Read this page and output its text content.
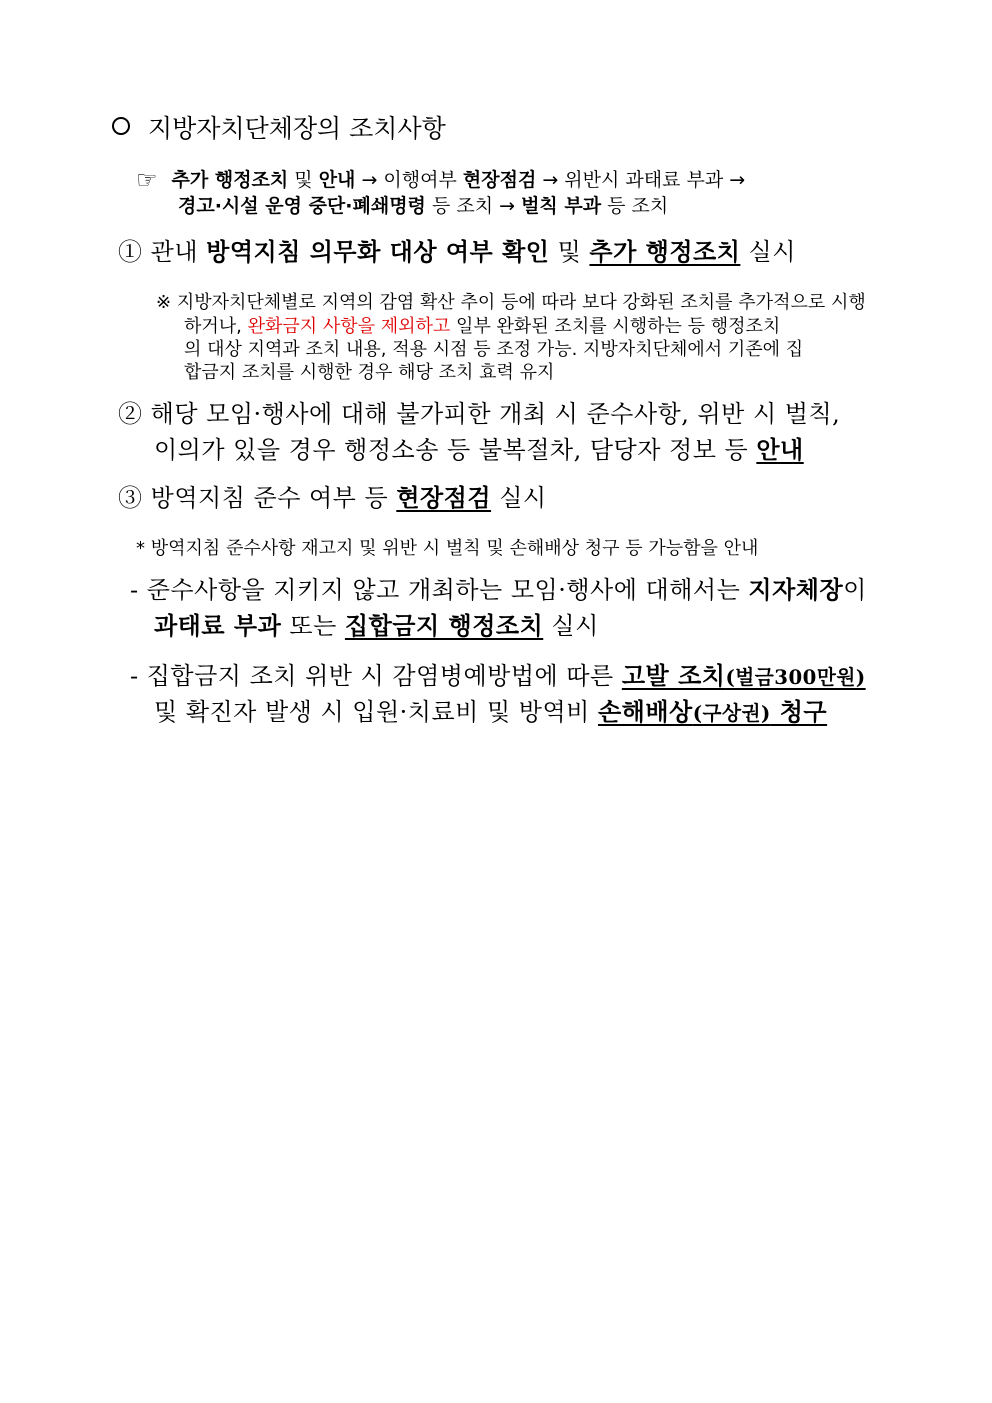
지방자치단체장의 조치사항
☞ 추가 행정조치 및 안내 → 이행여부 현장점검 → 위반시 과태료 부과 →
경고·시설 운영 중단·폐쇄명령 등 조치 → 벌칙 부과 등 조치
① 관내 방역지침 의무화 대상 여부 확인 및 추가 행정조치 실시
※ 지방자치단체별로 지역의 감염 확산 추이 등에 따라 보다 강화된 조치를 추가적으로 시행
하거나, 완화금지 사항을 제외하고 일부 완화된 조치를 시행하는 등 행정조치
의 대상 지역과 조치 내용, 적용 시점 등 조정 가능. 지방자치단체에서 기존에 집
합금지 조치를 시행한 경우 해당 조치 효력 유지
② 해당 모임·행사에 대해 불가피한 개최 시 준수사항, 위반 시 벌칙,
이의가 있을 경우 행정소송 등 불복절차, 담당자 정보 등 안내
③ 방역지침 준수 여부 등 현장점검 실시
* 방역지침 준수사항 재고지 및 위반 시 벌칙 및 손해배상 청구 등 가능함을 안내
- 준수사항을 지키지 않고 개최하는 모임·행사에 대해서는 지자체장이
과태료 부과 또는 집합금지 행정조치 실시
- 집합금지 조치 위반 시 감염병예방법에 따른 고발 조치(벌금300만원)
및 확진자 발생 시 입원·치료비 및 방역비 손해배상(구상권) 청구
